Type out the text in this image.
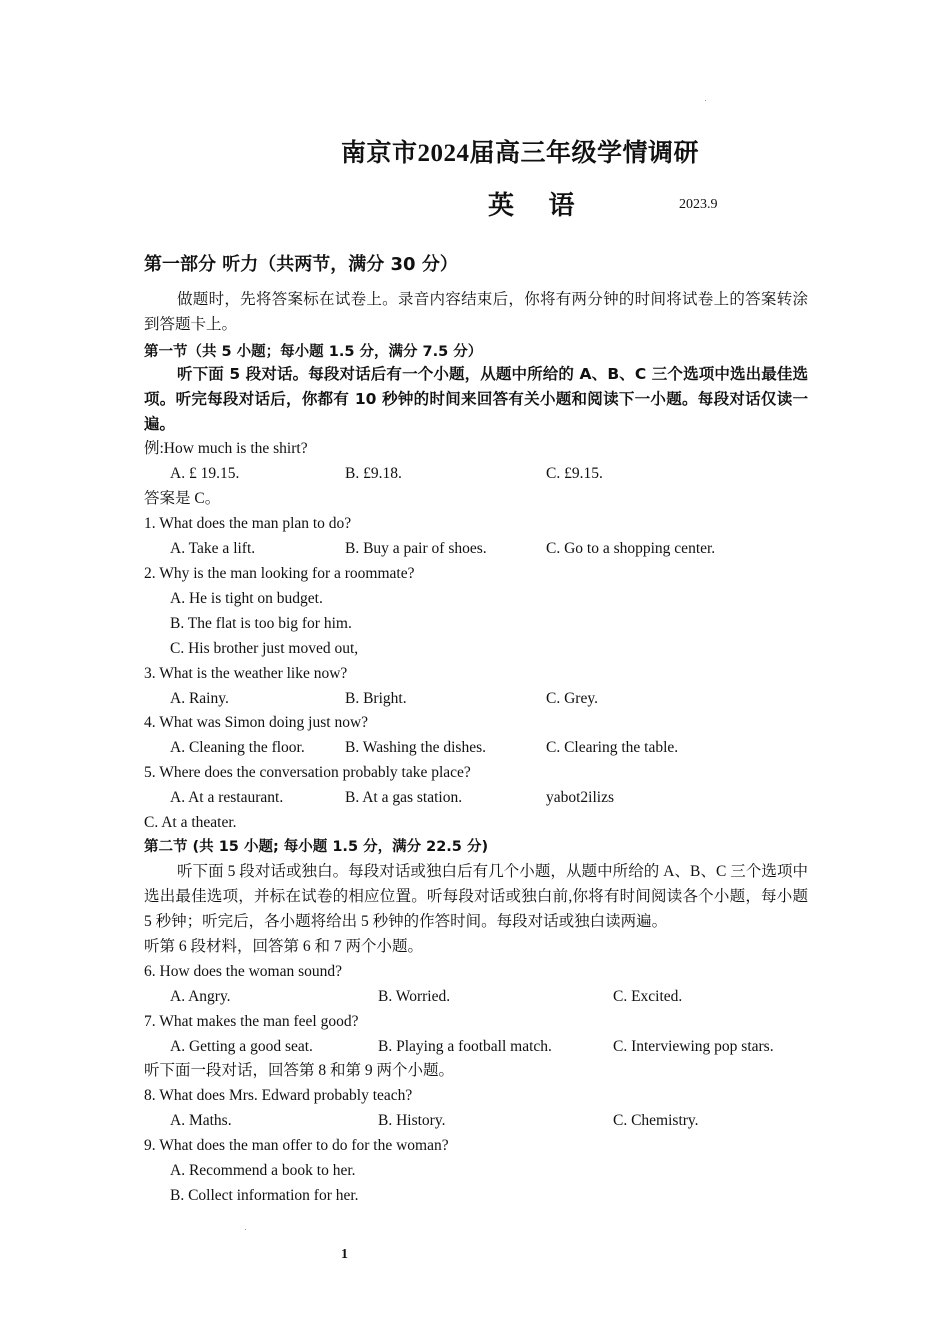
南京市2024届高三年级学情调研
英 语	2023.9
第一部分 听力（共两节，满分 30 分）
做题时，先将答案标在试卷上。录音内容结束后，你将有两分钟的时间将试卷上的答案转涂到答题卡上。
第一节（共 5 小题；每小题 1.5 分，满分 7.5 分）
听下面 5 段对话。每段对话后有一个小题，从题中所给的 A、B、C 三个选项中选出最佳选项。听完每段对话后，你都有 10 秒钟的时间来回答有关小题和阅读下一小题。每段对话仅读一遍。
例:How much is the shirt?
A. £ 19.15.	B. £9.18.	C. £9.15.
答案是 C。
1. What does the man plan to do?
A. Take a lift.	B. Buy a pair of shoes.	C. Go to a shopping center.
2. Why is the man looking for a roommate?
A. He is tight on budget.
B. The flat is too big for him.
C. His brother just moved out,
3. What is the weather like now?
A. Rainy.	B. Bright.	C. Grey.
4. What was Simon doing just now?
A. Cleaning the floor.	B. Washing the dishes.	C. Clearing the table.
5. Where does the conversation probably take place?
A. At a restaurant.	B. At a gas station.	yabot2ilizs
C. At a theater.
第二节 (共 15 小题; 每小题 1.5 分，满分 22.5 分)
听下面 5 段对话或独白。每段对话或独白后有几个小题，从题中所给的 A、B、C 三个选项中选出最佳选项，并标在试卷的相应位置。听每段对话或独白前,你将有时间阅读各个小题，每小题 5 秒钟；听完后，各小题将给出 5 秒钟的作答时间。每段对话或独白读两遍。
听第 6 段材料，回答第 6 和 7 两个小题。
6. How does the woman sound?
A. Angry.	B. Worried.	C. Excited.
7. What makes the man feel good?
A. Getting a good seat.	B. Playing a football match.	C. Interviewing pop stars.
听下面一段对话，回答第 8 和第 9 两个小题。
8. What does Mrs. Edward probably teach?
A. Maths.	B. History.	C. Chemistry.
9. What does the man offer to do for the woman?
A. Recommend a book to her.
B. Collect information for her.
1
